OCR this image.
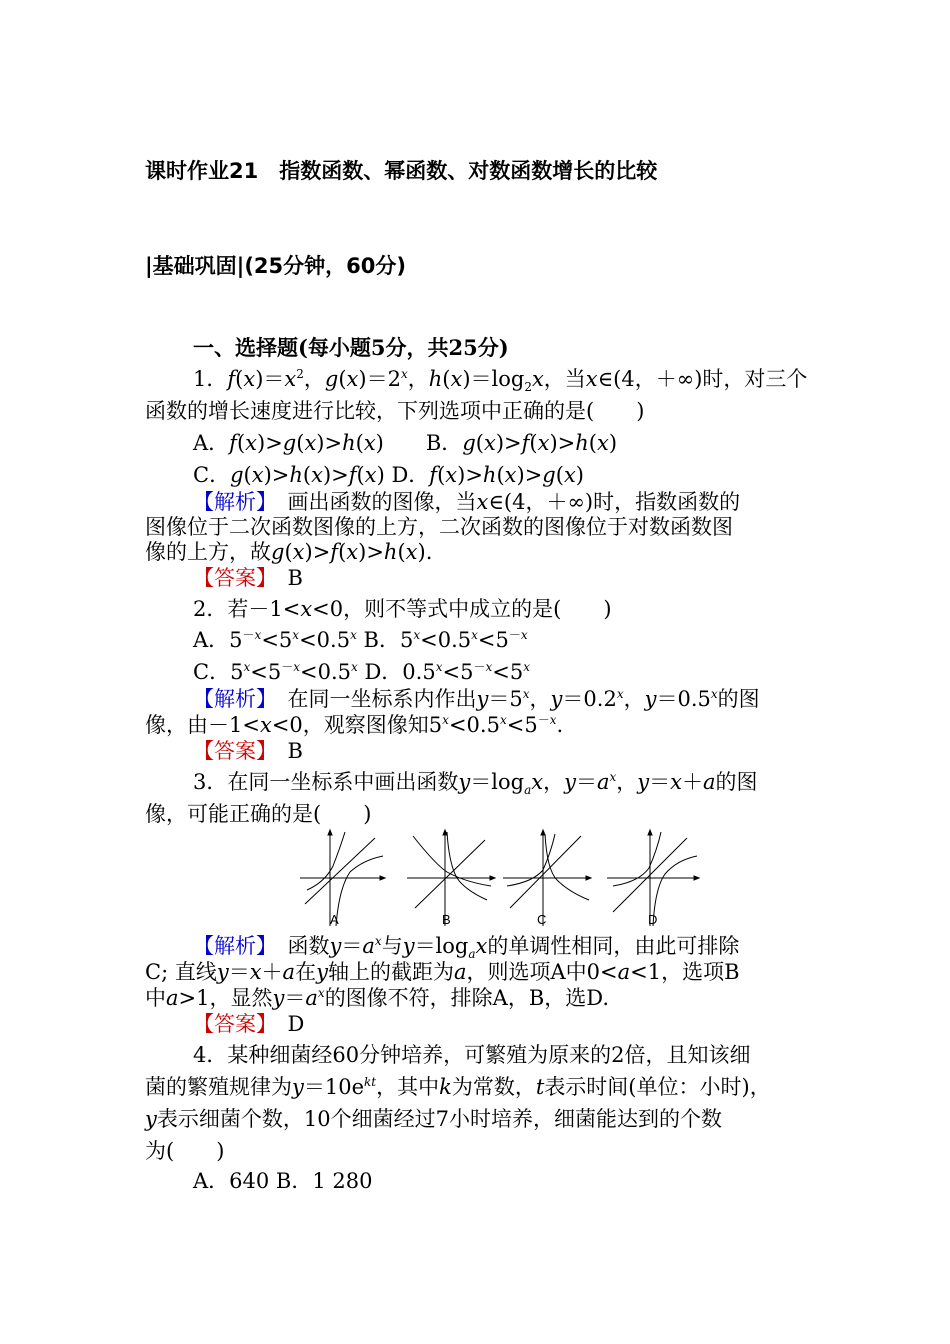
课时作业21　指数函数、幂函数、对数函数增长的比较
|基础巩固|(25分钟，60分)
一、选择题(每小题5分，共25分)
1．$f(x)=x^2$，$g(x)=2^x$，$h(x)=\log_2x$，当x∈(4，＋∞)时，对三个
函数的增长速度进行比较，下列选项中正确的是(　　)
A．f(x)>g(x)>h(x)　　B．g(x)>f(x)>h(x)
C．g(x)>h(x)>f(x) D．f(x)>h(x)>g(x)
【解析】　画出函数的图像，当x∈(4，＋∞)时，指数函数的
图像位于二次函数图像的上方，二次函数的图像位于对数函数图
像的上方，故g(x)>f(x)>h(x).
【答案】　B
2．若－1<x<0，则不等式中成立的是(　　)
A．$5^{-x}<5^x<0.5^x$ B．$5^x<0.5^x<5^{-x}$
C．$5^x<5^{-x}<0.5^x$ D．$0.5^x<5^{-x}<5^x$
【解析】　在同一坐标系内作出$y=5^x$，$y=0.2^x$，$y=0.5^x$的图
像，由－1<x<0，观察图像知$5^x<0.5^x<5^{-x}$.
【答案】　B
3．在同一坐标系中画出函数$y=\log_ax$，$y=a^x$，y＝x＋a的图
像，可能正确的是(　　)
A	B	C	D
【解析】　函数$y=a^x$与$y=\log_ax$的单调性相同，由此可排除
C; 直线y＝x＋a在y轴上的截距为a，则选项A中0<a<1，选项B
中a>1，显然$y=a^x$的图像不符，排除A，B，选D.
【答案】　D
4．某种细菌经60分钟培养，可繁殖为原来的2倍，且知该细
菌的繁殖规律为$y=10e^{kt}$，其中k为常数，t表示时间(单位：小时)，
y表示细菌个数，10个细菌经过7小时培养，细菌能达到的个数
为(　　)
A．640 B．1 280
